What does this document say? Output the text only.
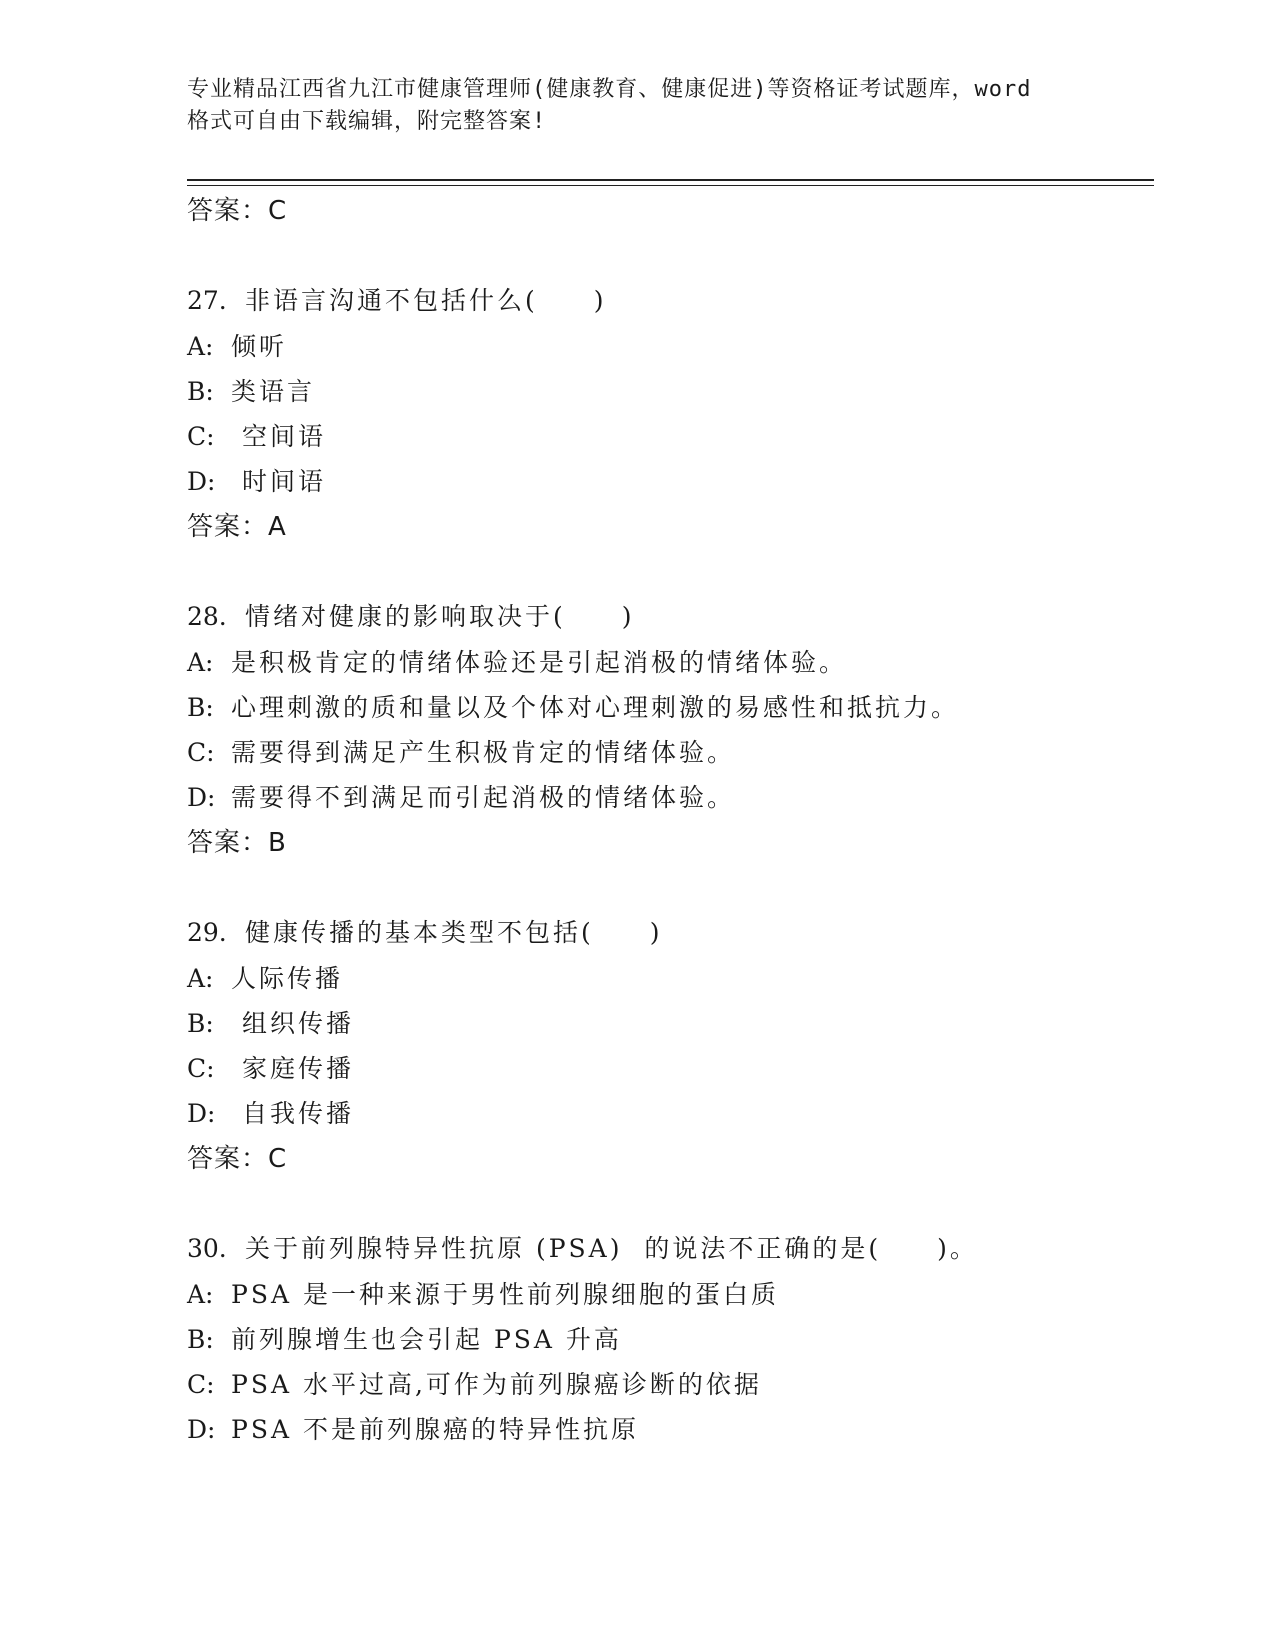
专业精品江西省九江市健康管理师(健康教育、健康促进)等资格证考试题库，word
格式可自由下载编辑，附完整答案!
答案：C
27. 非语言沟通不包括什么(　　)
A: 倾听
B: 类语言
C: 空间语
D: 时间语
答案：A
28. 情绪对健康的影响取决于(　　)
A: 是积极肯定的情绪体验还是引起消极的情绪体验。
B: 心理刺激的质和量以及个体对心理刺激的易感性和抵抗力。
C: 需要得到满足产生积极肯定的情绪体验。
D: 需要得不到满足而引起消极的情绪体验。
答案：B
29. 健康传播的基本类型不包括(　　)
A: 人际传播
B: 组织传播
C: 家庭传播
D: 自我传播
答案：C
30. 关于前列腺特异性抗原 (PSA)  的说法不正确的是(　　)。
A: PSA 是一种来源于男性前列腺细胞的蛋白质
B: 前列腺增生也会引起 PSA 升高
C: PSA 水平过高,可作为前列腺癌诊断的依据
D: PSA 不是前列腺癌的特异性抗原
